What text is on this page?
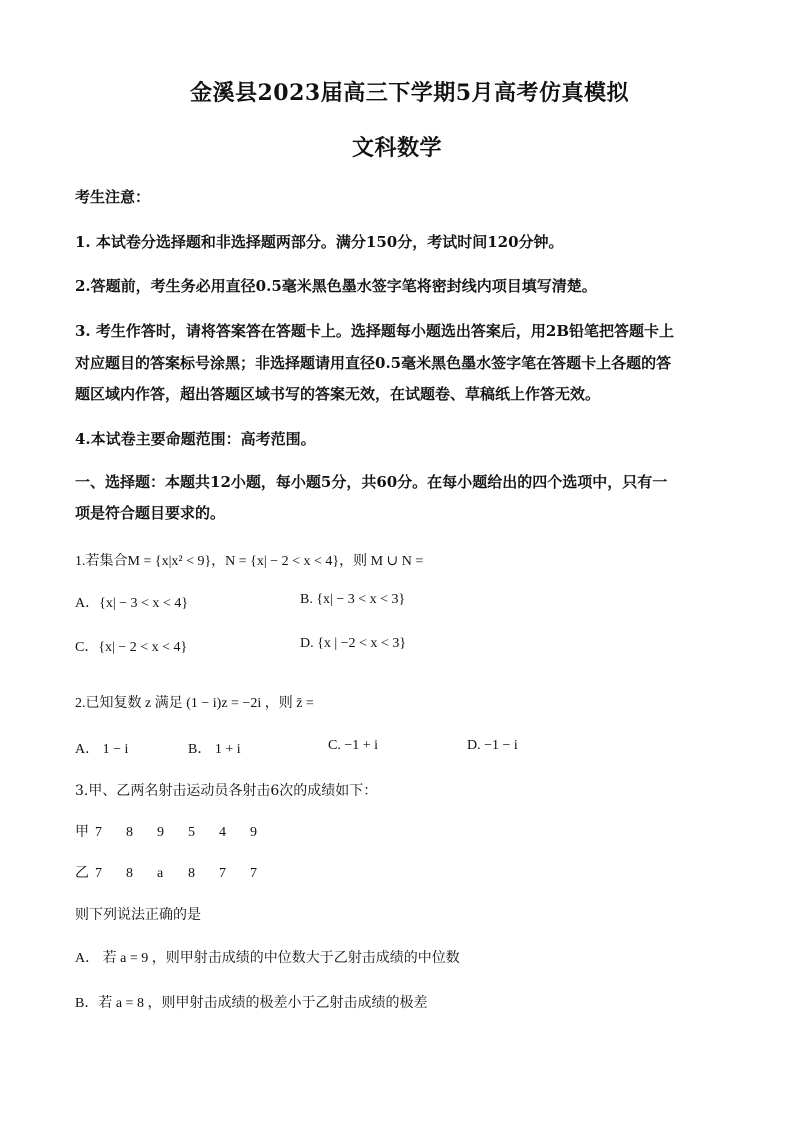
金溪县2023届高三下学期5月高考仿真模拟
文科数学
考生注意：
1. 本试卷分选择题和非选择题两部分。满分150分，考试时间120分钟。
2.答题前，考生务必用直径0.5毫米黑色墨水签字笔将密封线内项目填写清楚。
3. 考生作答时，请将答案答在答题卡上。选择题每小题选出答案后，用2B铅笔把答题卡上
对应题目的答案标号涂黑；非选择题请用直径0.5毫米黑色墨水签字笔在答题卡上各题的答
题区域内作答，超出答题区域书写的答案无效，在试题卷、草稿纸上作答无效。
4.本试卷主要命题范围：高考范围。
一、选择题：本题共12小题，每小题5分，共60分。在每小题给出的四个选项中，只有一
项是符合题目要求的。
1.若集合M = {x|x² < 9}，N = {x| − 2 < x < 4}，则 M ∪ N =
A．{x| − 3 < x < 4}	B. {x| − 3 < x < 3}
C．{x| − 2 < x < 4}	D. {x | −2 < x < 3}
2.已知复数 z 满足 (1 − i)z = −2i ，则 z̄ =
A． 1 − i	B． 1 + i	C. −1 + i	D. −1 − i
3.甲、乙两名射击运动员各射击6次的成绩如下：
甲 7 8 9 5 4 9
乙 7 8 a 8 7 7
则下列说法正确的是
A． 若 a = 9 ，则甲射击成绩的中位数大于乙射击成绩的中位数
B．若 a = 8 ，则甲射击成绩的极差小于乙射击成绩的极差
